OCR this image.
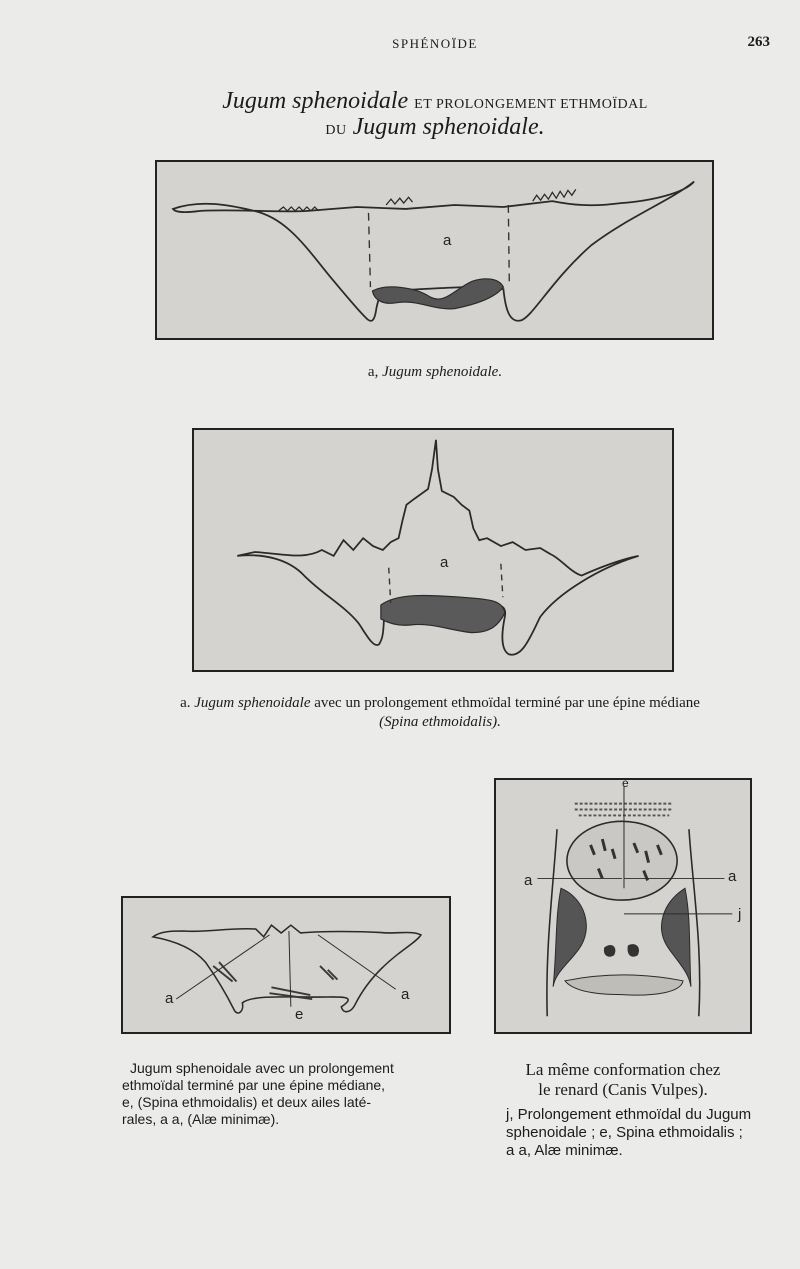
SPHÉNOÏDE	263
Jugum sphenoidale ET PROLONGEMENT ETHMOÏDAL
DU Jugum sphenoidale.
a
a, Jugum sphenoidale.
a
a. Jugum sphenoidale avec un prolongement ethmoïdal terminé par une épine médiane
(Spina ethmoidalis).
a	a
e
Jugum sphenoidale avec un prolongement
ethmoïdal terminé par une épine médiane,
e, (Spina ethmoidalis) et deux ailes laté-
rales, a a, (Alæ minimæ).
e
a	a
j
La même conformation chez
le renard (Canis Vulpes).
j, Prolongement ethmoïdal du Jugum
sphenoidale ; e, Spina ethmoidalis ;
a a, Alæ minimæ.
